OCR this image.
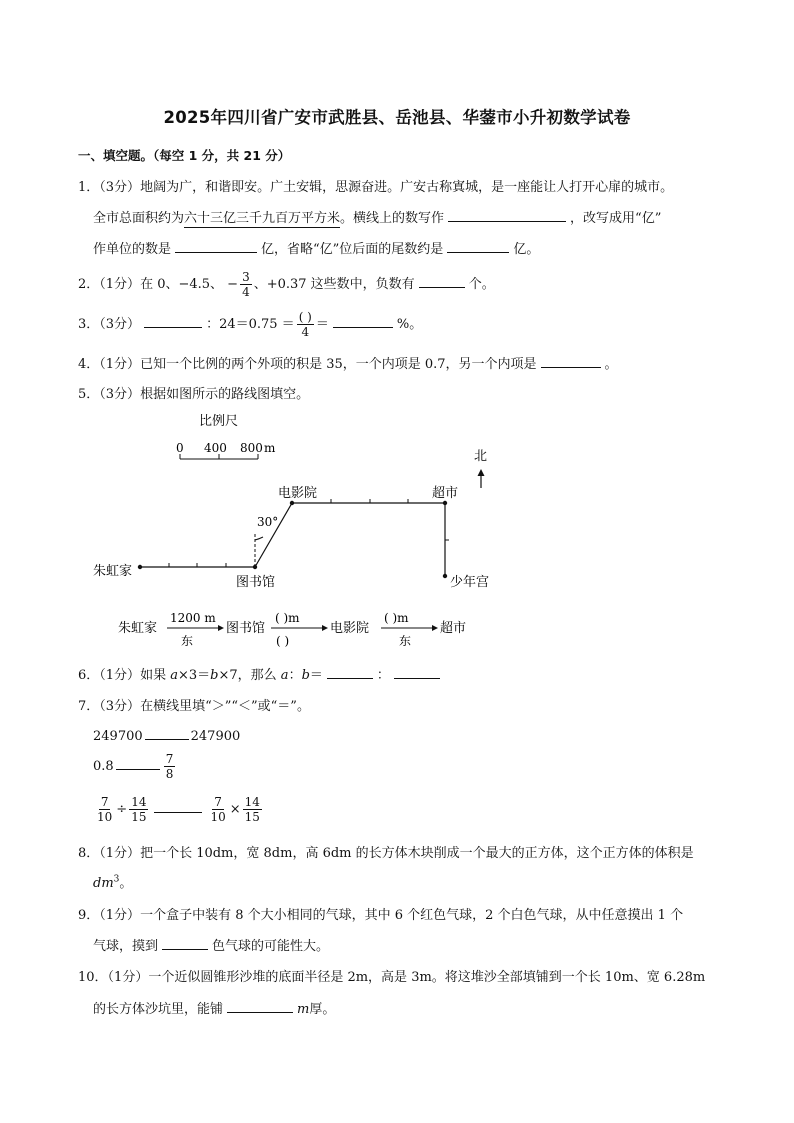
2025年四川省广安市武胜县、岳池县、华蓥市小升初数学试卷
一、填空题。（每空 1 分，共 21 分）
1．（3分）地阔为广，和谐即安。广土安辑，思源奋进。广安古称寘城，是一座能让人打开心扉的城市。
全市总面积约为六十三亿三千九百万平方米。横线上的数写作	，改写成用“亿”
作单位的数是	亿，省略“亿”位后面的尾数约是	亿。
2．（1分）在 0、−4.5、 − $\frac{3}{4}$ 、+0.37 这些数中，负数有	个。
3．（3分）	：$24=0.75 = \frac{( )}{4}$ ＝	%。
4．（1分）已知一个比例的两个外项的积是 35，一个内项是 0.7，另一个内项是	。
5．（3分）根据如图所示的路线图填空。
比例尺
0 400 800 m
北
30°
朱虹家
图书馆
电影院	超市
少年宫
朱虹家
1200 m
东
图书馆
( )m
( )
电影院
( )m
东
超市
6．（1分）如果 a×3＝b×7，那么 a：b＝	：
7．（3分）在横线里填“＞”“＜”或“＝”。
249700	247900
0.8	$\frac{7}{8}$
$\frac{7}{10} \div \frac{14}{15}$	$\frac{7}{10} \times \frac{14}{15}$
8．（1分）把一个长 10dm，宽 8dm，高 6dm 的长方体木块削成一个最大的正方体，这个正方体的体积是
$dm^3$。
9．（1分）一个盒子中装有 8 个大小相同的气球，其中 6 个红色气球，2 个白色气球，从中任意摸出 1 个
气球，摸到	色气球的可能性大。
10．（1分）一个近似圆锥形沙堆的底面半径是 2m，高是 3m。将这堆沙全部填铺到一个长 10m、宽 6.28m
的长方体沙坑里，能铺	m厚。
